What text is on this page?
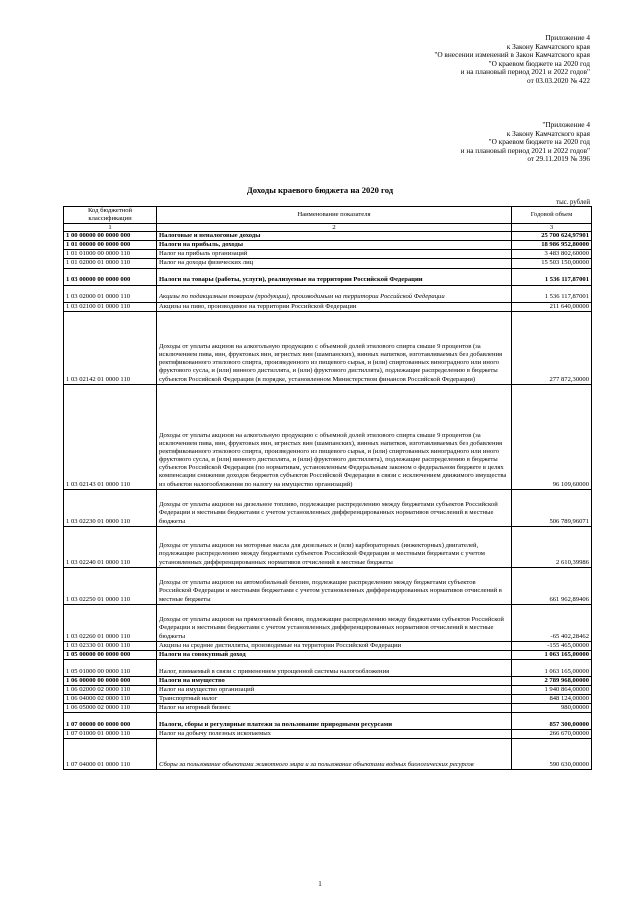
Приложение 4
к Закону Камчатского края
"О внесении изменений в Закон Камчатского края
"О краевом бюджете на 2020 год
и на плановый период 2021 и 2022 годов"
от 03.03.2020 № 422
"Приложение 4
к Закону Камчатского края
"О краевом бюджете на 2020 год
и на плановый период 2021 и 2022 годов"
от 29.11.2019 № 396
Доходы краевого бюджета на 2020 год
тыс. рублей
Код бюджетной классификации	Наименование показателя	Годовой объем
1	2	3
1 00 00000 00 0000 000	Налоговые и неналоговые доходы	25 700 624,97901
1 01 00000 00 0000 000	Налоги на прибыль, доходы	18 986 952,80000
1 01 01000 00 0000 110	Налог на прибыль организаций	3 483 802,60000
1 01 02000 01 0000 110	Налог на доходы физических лиц	15 503 150,00000
1 03 00000 00 0000 000	Налоги на товары (работы, услуги), реализуемые на территории Российской Федерации	1 536 117,87001
1 03 02000 01 0000 110	Акцизы по подакцизным товарам (продукции), производимым на территории Российской Федерации	1 536 117,87001
1 03 02100 01 0000 110	Акцизы на пиво, производимое на территории Российской Федерации	211 640,00000
1 03 02142 01 0000 110	Доходы от уплаты акцизов на алкогольную продукцию с объемной долей этилового спирта свыше 9 процентов (за исключением пива, вин, фруктовых вин, игристых вин (шампанских), винных напитков, изготавливаемых без добавления ректификованного этилового спирта, произведенного из пищевого сырья, и (или) спиртованных виноградного или иного фруктового сусла, и (или) винного дистиллята, и (или) фруктового дистиллята), подлежащие распределению в бюджеты субъектов Российской Федерации (в порядке, установленном Министерством финансов Российской Федерации)	277 872,30000
1 03 02143 01 0000 110	Доходы от уплаты акцизов на алкогольную продукцию с объемной долей этилового спирта свыше 9 процентов (за исключением пива, вин, фруктовых вин, игристых вин (шампанских), винных напитков, изготавливаемых без добавления ректификованного этилового спирта, произведенного из пищевого сырья, и (или) спиртованных виноградного или иного фруктового сусла, и (или) винного дистиллята, и (или) фруктового дистиллята), подлежащие распределению в бюджеты субъектов Российской Федерации (по нормативам, установленным Федеральным законом о федеральном бюджете в целях компенсации снижения доходов бюджетов субъектов Российской Федерации в связи с исключением движимого имущества из объектов налогообложения по налогу на имущество организаций)	96 109,60000
1 03 02230 01 0000 110	Доходы от уплаты акцизов на дизельное топливо, подлежащие распределению между бюджетами субъектов Российской Федерации и местными бюджетами с учетом установленных дифференцированных нормативов отчислений в местные бюджеты	506 789,96071
1 03 02240 01 0000 110	Доходы от уплаты акцизов на моторные масла для дизельных и (или) карбюраторных (инжекторных) двигателей, подлежащие распределению между бюджетами субъектов Российской Федерации и местными бюджетами с учетом установленных дифференцированных нормативов отчислений в местные бюджеты	2 610,39986
1 03 02250 01 0000 110	Доходы от уплаты акцизов на автомобильный бензин, подлежащие распределению между бюджетами субъектов Российской Федерации и местными бюджетами с учетом установленных дифференцированных нормативов отчислений в местные бюджеты	661 962,89406
1 03 02260 01 0000 110	Доходы от уплаты акцизов на прямогонный бензин, подлежащие распределению между бюджетами субъектов Российской Федерации и местными бюджетами с учетом установленных дифференцированных нормативов отчислений в местные бюджеты	-65 402,28462
1 03 02330 01 0000 110	Акцизы на средние дистилляты, производимые на территории Российской Федерации	-155 465,00000
1 05 00000 00 0000 000	Налоги на совокупный доход	1 063 165,00000
1 05 01000 00 0000 110	Налог, взимаемый в связи с применением упрощенной системы налогообложения	1 063 165,00000
1 06 00000 00 0000 000	Налоги на имущество	2 789 968,00000
1 06 02000 02 0000 110	Налог на имущество организаций	1 940 864,00000
1 06 04000 02 0000 110	Транспортный налог	848 124,00000
1 06 05000 02 0000 110	Налог на игорный бизнес	980,00000
1 07 00000 00 0000 000	Налоги, сборы и регулярные платежи за пользование природными ресурсами	857 300,00000
1 07 01000 01 0000 110	Налог на добычу полезных ископаемых	266 670,00000
1 07 04000 01 0000 110	Сборы за пользование объектами животного мира и за пользование объектами водных биологических ресурсов	590 630,00000
1
